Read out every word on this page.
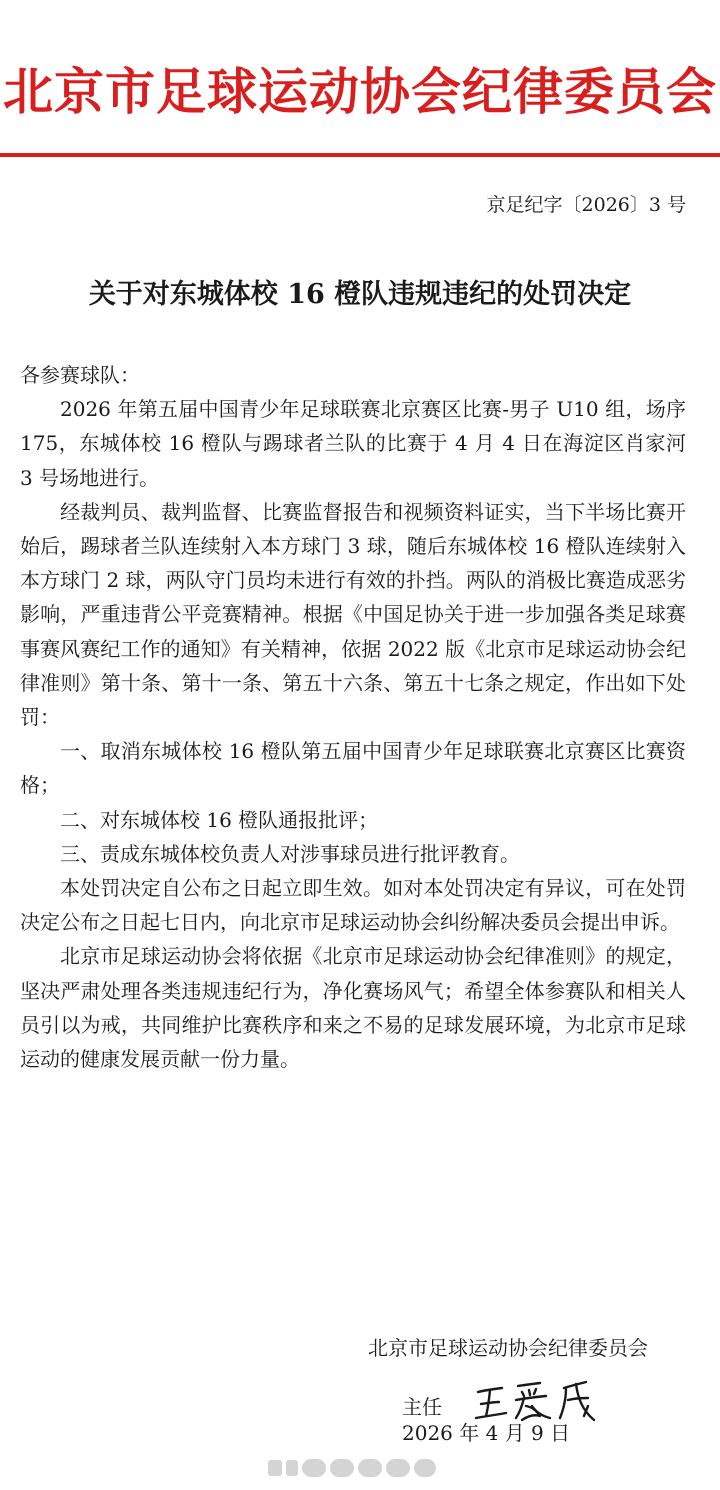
北京市足球运动协会纪律委员会
京足纪字〔2026〕3 号
关于对东城体校 16 橙队违规违纪的处罚决定

各参赛球队：

2026 年第五届中国青少年足球联赛北京赛区比赛-男子 U10 组，场序 175，东城体校 16 橙队与踢球者兰队的比赛于 4 月 4 日在海淀区肖家河 3 号场地进行。

经裁判员、裁判监督、比赛监督报告和视频资料证实，当下半场比赛开始后，踢球者兰队连续射入本方球门 3 球，随后东城体校 16 橙队连续射入本方球门 2 球，两队守门员均未进行有效的扑挡。两队的消极比赛造成恶劣影响，严重违背公平竞赛精神。根据《中国足协关于进一步加强各类足球赛事赛风赛纪工作的通知》有关精神，依据 2022 版《北京市足球运动协会纪律准则》第十条、第十一条、第五十六条、第五十七条之规定，作出如下处罚：

一、取消东城体校 16 橙队第五届中国青少年足球联赛北京赛区比赛资格；

二、对东城体校 16 橙队通报批评；

三、责成东城体校负责人对涉事球员进行批评教育。

本处罚决定自公布之日起立即生效。如对本处罚决定有异议，可在处罚决定公布之日起七日内，向北京市足球运动协会纠纷解决委员会提出申诉。

北京市足球运动协会将依据《北京市足球运动协会纪律准则》的规定，坚决严肃处理各类违规违纪行为，净化赛场风气；希望全体参赛队和相关人员引以为戒，共同维护比赛秩序和来之不易的足球发展环境，为北京市足球运动的健康发展贡献一份力量。

北京市足球运动协会纪律委员会
主任
2026 年 4 月 9 日
